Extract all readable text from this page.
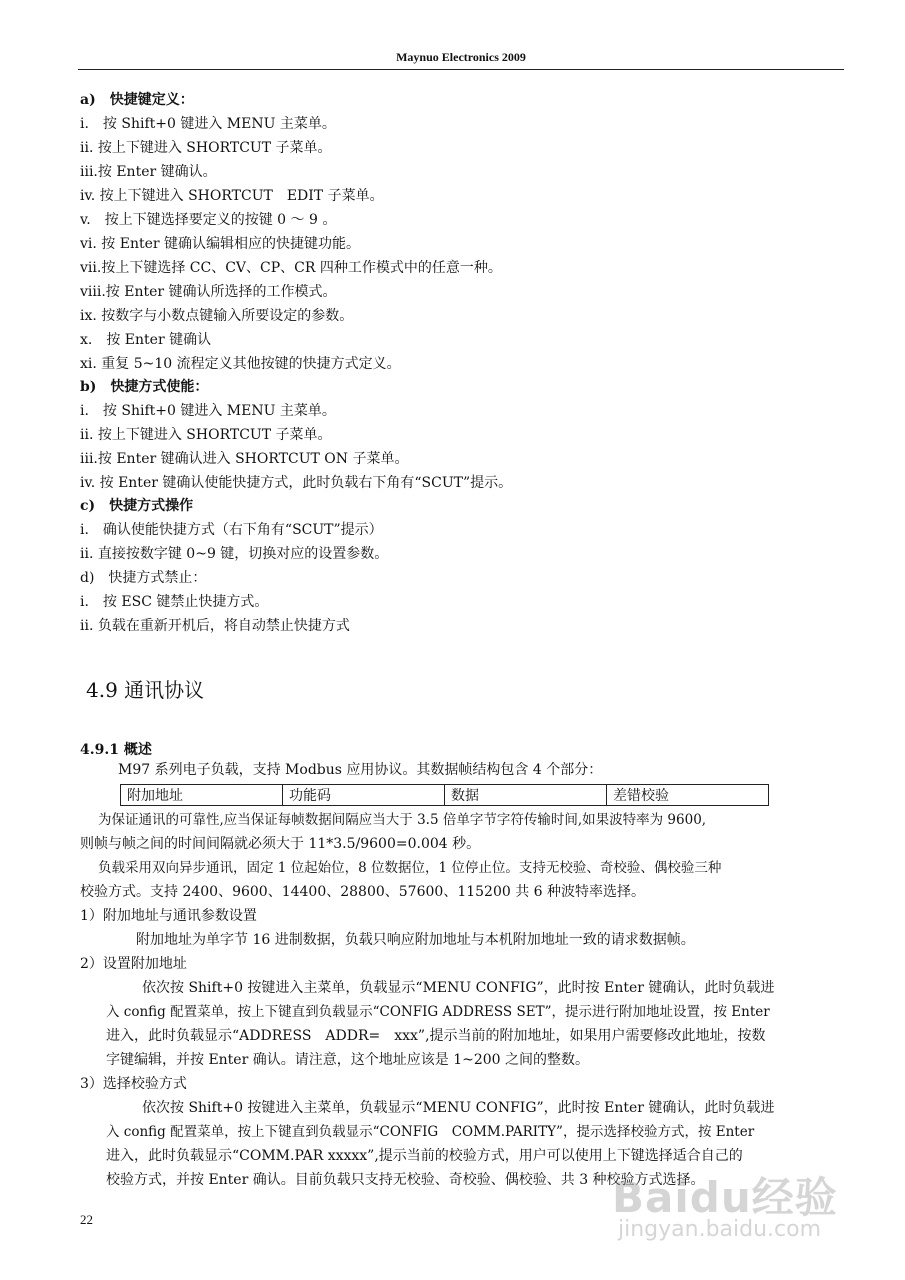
Maynuo Electronics 2009
a)　快捷键定义：
i.　按 Shift+0 键进入 MENU 主菜单。
ii. 按上下键进入 SHORTCUT 子菜单。
iii.按 Enter 键确认。
iv. 按上下键进入 SHORTCUT　EDIT 子菜单。
v.　按上下键选择要定义的按键 0 ～ 9 。
vi. 按 Enter 键确认编辑相应的快捷键功能。
vii.按上下键选择 CC、CV、CP、CR 四种工作模式中的任意一种。
viii.按 Enter 键确认所选择的工作模式。
ix. 按数字与小数点键输入所要设定的参数。
x.　按 Enter 键确认
xi. 重复 5~10 流程定义其他按键的快捷方式定义。
b)　快捷方式使能：
i.　按 Shift+0 键进入 MENU 主菜单。
ii. 按上下键进入 SHORTCUT 子菜单。
iii.按 Enter 键确认进入 SHORTCUT ON 子菜单。
iv. 按 Enter 键确认使能快捷方式，此时负载右下角有“SCUT”提示。
c)　快捷方式操作
i.　确认使能快捷方式（右下角有“SCUT”提示）
ii. 直接按数字键 0~9 键，切换对应的设置参数。
d)　快捷方式禁止：
i.　按 ESC 键禁止快捷方式。
ii. 负载在重新开机后，将自动禁止快捷方式
4.9 通讯协议
4.9.1 概述
M97 系列电子负载，支持 Modbus 应用协议。其数据帧结构包含 4 个部分：
附加地址	功能码	数据	差错校验
为保证通讯的可靠性,应当保证每帧数据间隔应当大于 3.5 倍单字节字符传输时间,如果波特率为 9600,
则帧与帧之间的时间间隔就必须大于 11*3.5/9600=0.004 秒。
负载采用双向异步通讯，固定 1 位起始位，8 位数据位，1 位停止位。支持无校验、奇校验、偶校验三种
校验方式。支持 2400、9600、14400、28800、57600、115200 共 6 种波特率选择。
1）附加地址与通讯参数设置
附加地址为单字节 16 进制数据，负载只响应附加地址与本机附加地址一致的请求数据帧。
2）设置附加地址
依次按 Shift+0 按键进入主菜单，负载显示“MENU CONFIG”，此时按 Enter 键确认，此时负载进
入 config 配置菜单，按上下键直到负载显示“CONFIG ADDRESS SET”，提示进行附加地址设置，按 Enter
进入，此时负载显示“ADDRESS　ADDR=　xxx”,提示当前的附加地址，如果用户需要修改此地址，按数
字键编辑，并按 Enter 确认。请注意，这个地址应该是 1~200 之间的整数。
3）选择校验方式
依次按 Shift+0 按键进入主菜单，负载显示“MENU CONFIG”，此时按 Enter 键确认，此时负载进
入 config 配置菜单，按上下键直到负载显示“CONFIG　COMM.PARITY”，提示选择校验方式，按 Enter
进入，此时负载显示“COMM.PAR xxxxx”,提示当前的校验方式，用户可以使用上下键选择适合自己的
校验方式，并按 Enter 确认。目前负载只支持无校验、奇校验、偶校验、共 3 种校验方式选择。
22	Baidu经验
jingyan.baidu.com
